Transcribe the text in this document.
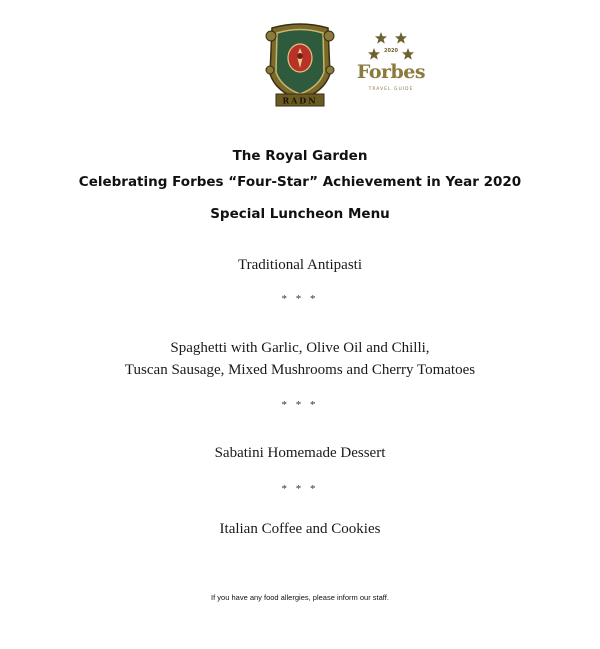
RADN
2020
Forbes
TRAVEL GUIDE
The Royal Garden
Celebrating Forbes “Four-Star” Achievement in Year 2020
Special Luncheon Menu
Traditional Antipasti
* * *
Spaghetti with Garlic, Olive Oil and Chilli,
Tuscan Sausage, Mixed Mushrooms and Cherry Tomatoes
* * *
Sabatini Homemade Dessert
* * *
Italian Coffee and Cookies
If you have any food allergies, please inform our staff.
